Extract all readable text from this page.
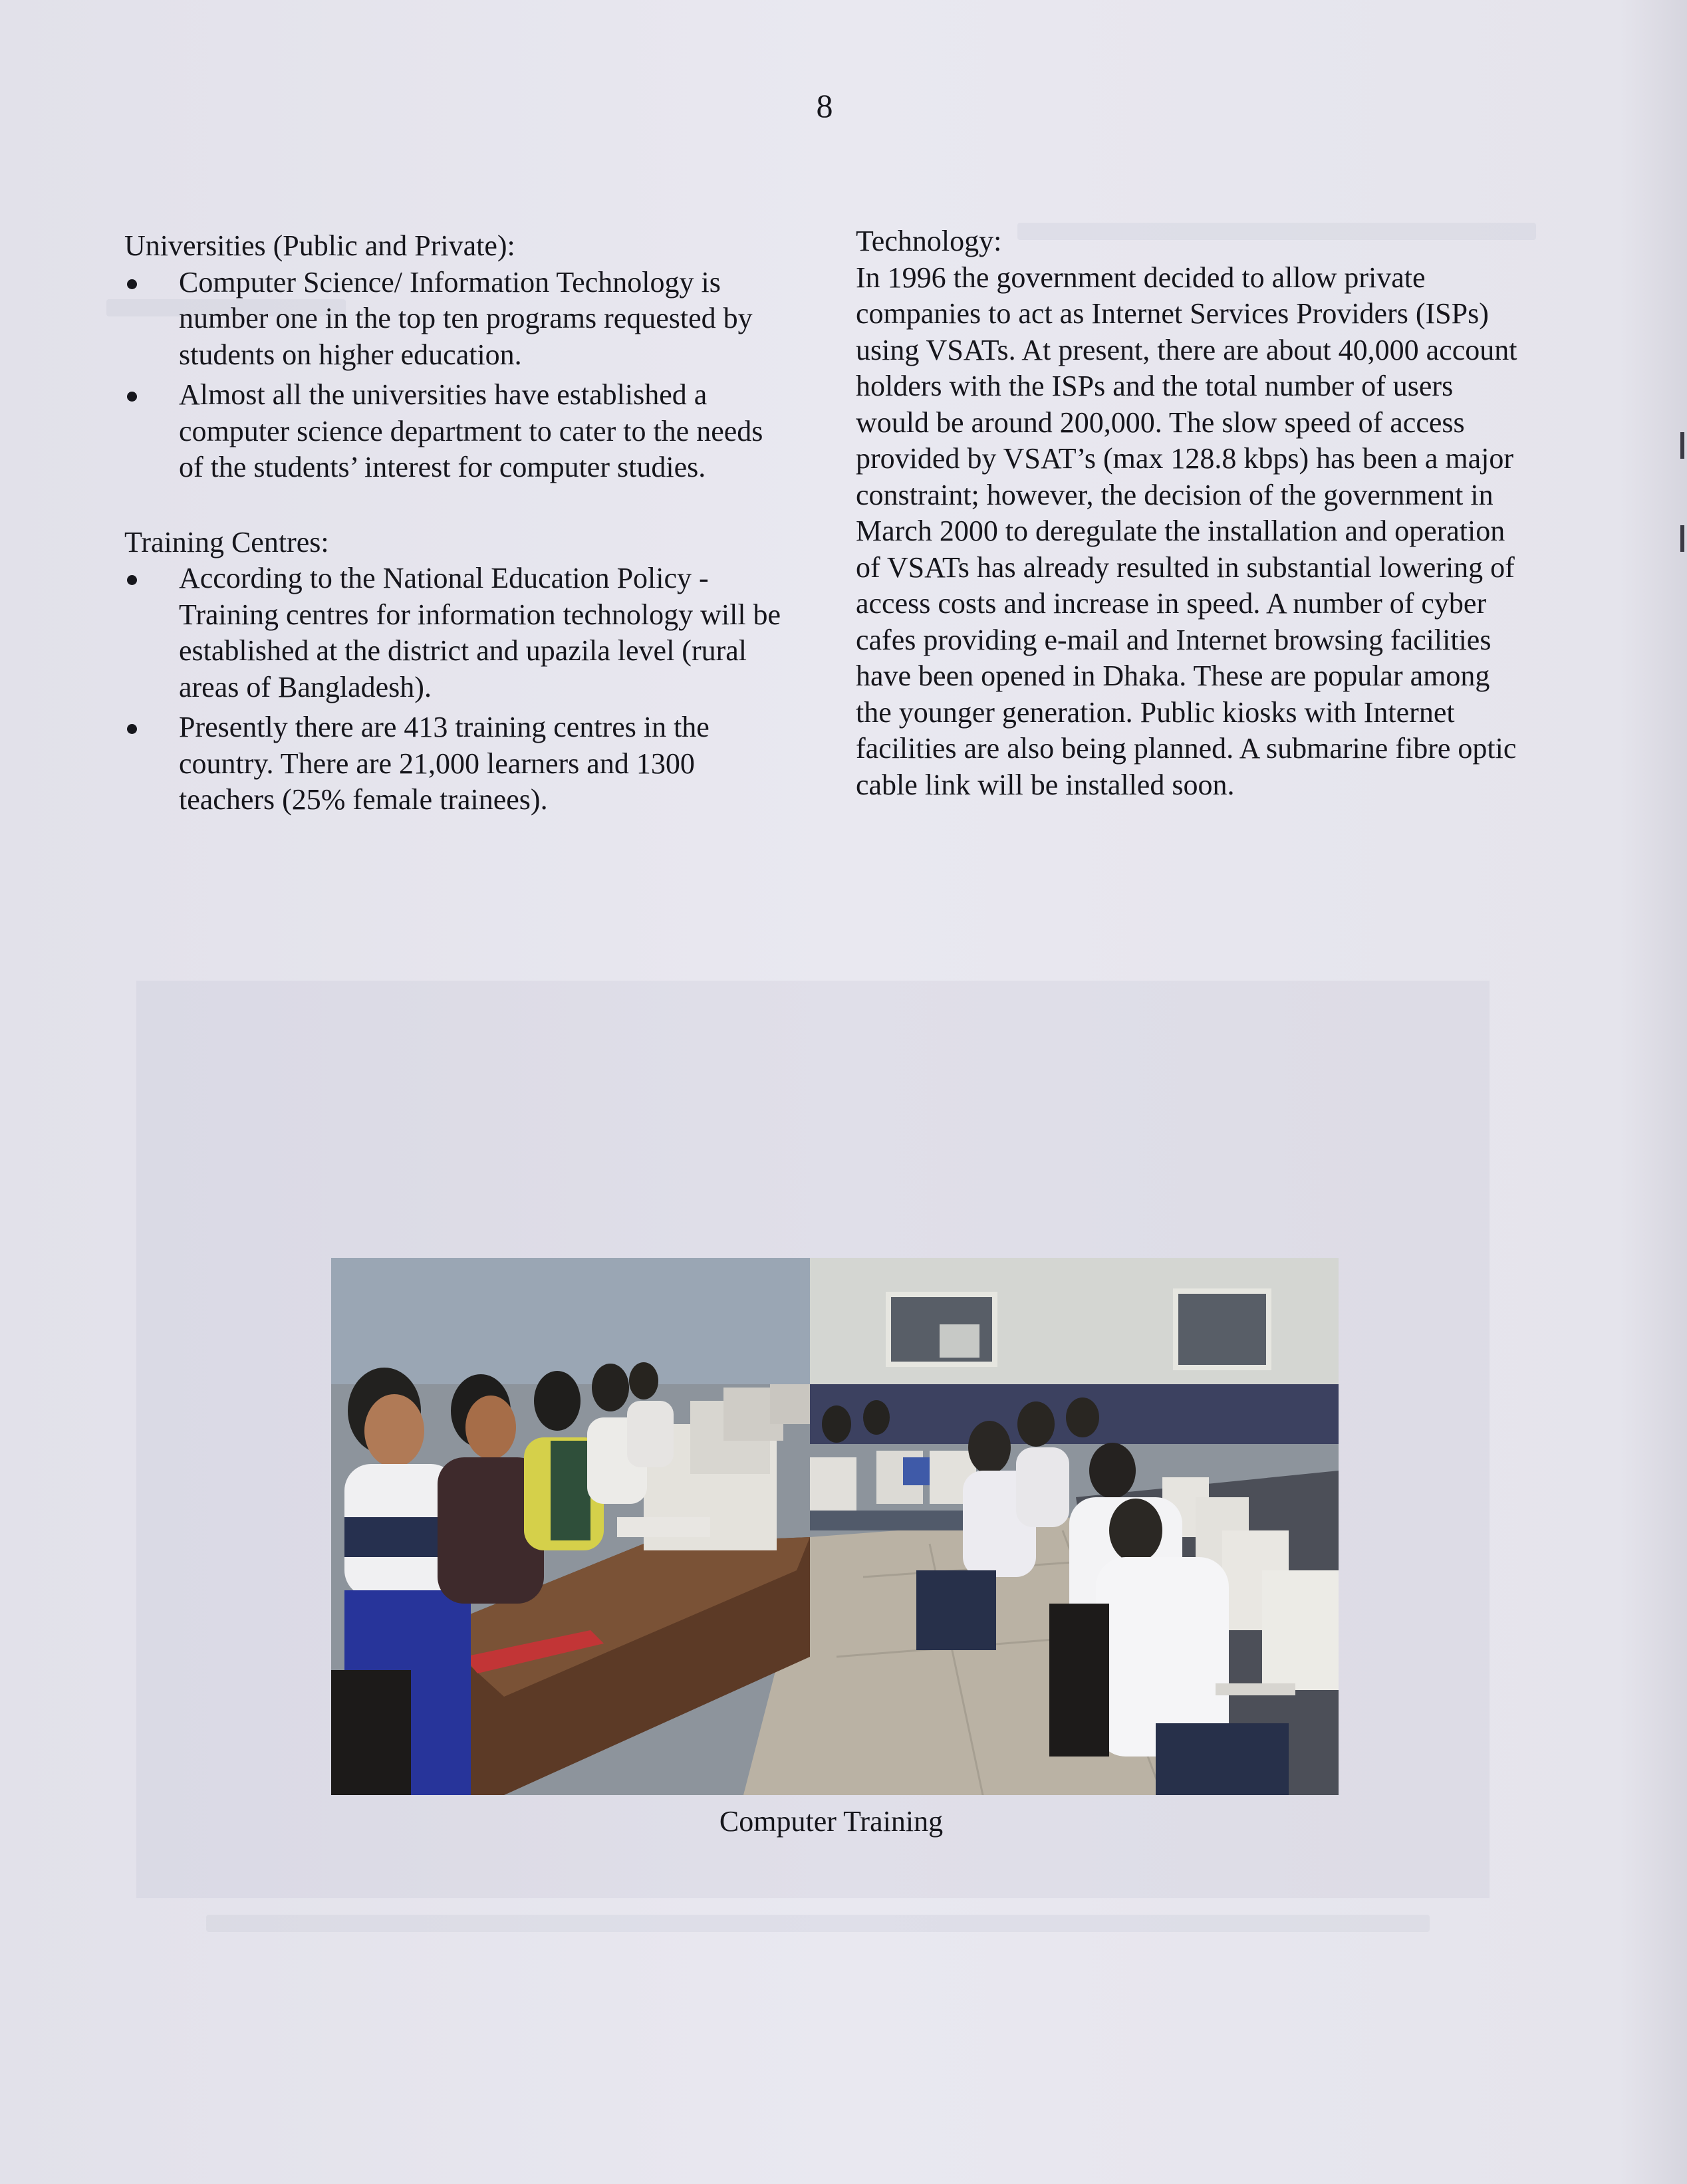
8

Universities (Public and Private):

Computer Science/ Information Technology is number one in the top ten programs requested by students on higher education.
Almost all the universities have established a computer science department to cater to the needs of the students’ interest for computer studies.

Training Centres:

According to the National Education Policy - Training centres for information technology will be established at the district and upazila level (rural areas of Bangladesh).
Presently there are 413 training centres in the country. There are 21,000 learners and 1300 teachers (25% female trainees).

Technology:

In 1996 the government decided to allow private companies to act as Internet Services Providers (ISPs) using VSATs. At present, there are about 40,000 account holders with the ISPs and the total number of users would be around 200,000. The slow speed of access provided by VSAT’s (max 128.8 kbps) has been a major constraint; however, the decision of the government in March 2000 to deregulate the installation and operation of VSATs has already resulted in substantial lowering of access costs and increase in speed. A number of cyber cafes providing e-mail and Internet browsing facilities have been opened in Dhaka. These are popular among the younger generation. Public kiosks with Internet facilities are also being planned. A submarine fibre optic cable link will be installed soon.

Computer Training
